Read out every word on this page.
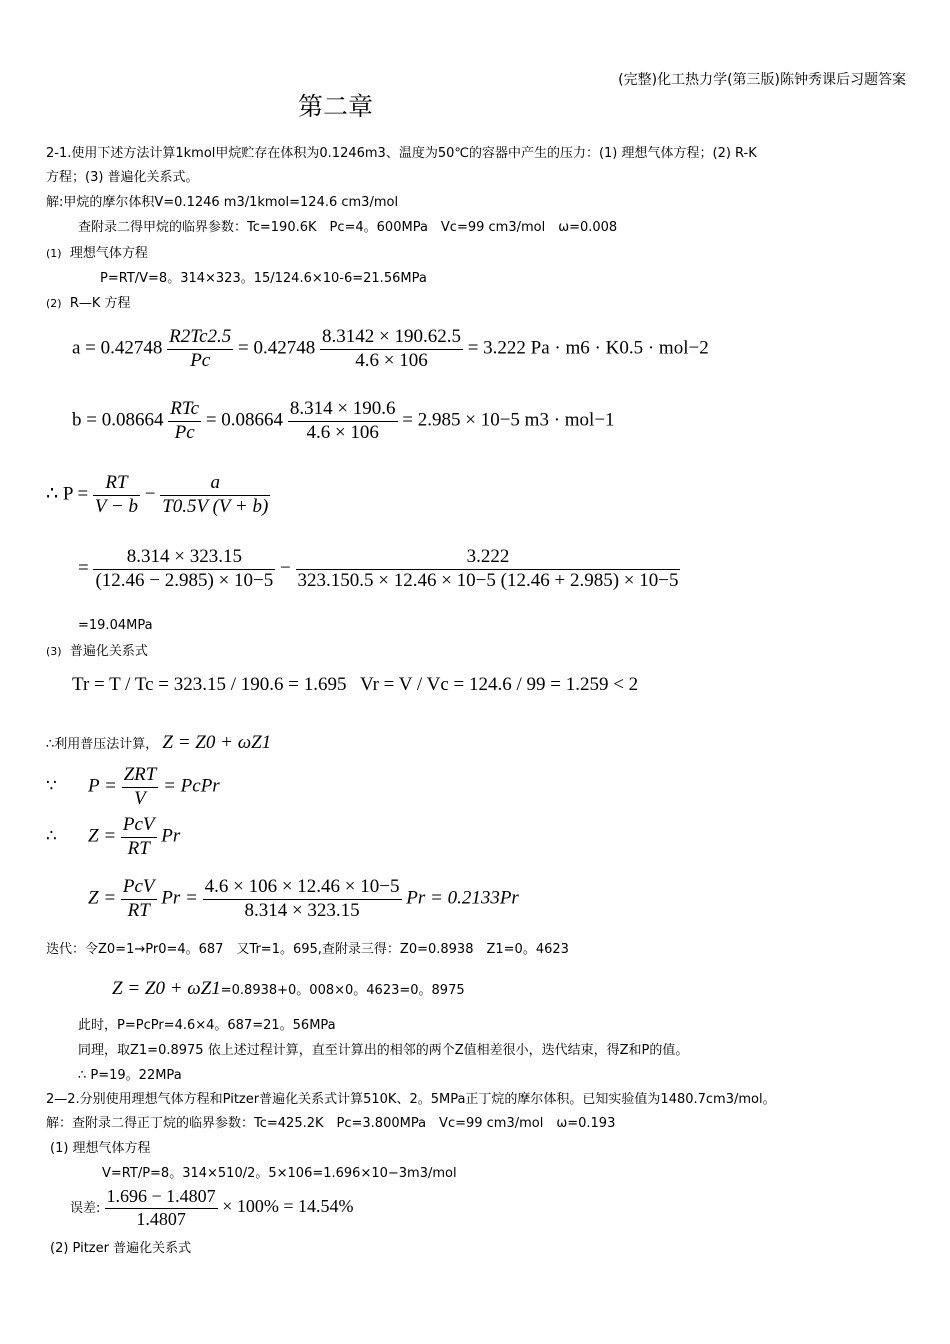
(完整)化工热力学(第三版)陈钟秀课后习题答案
第二章
2-1.使用下述方法计算1kmol甲烷贮存在体积为0.1246m3、温度为50℃的容器中产生的压力：(1) 理想气体方程；(2) R-K
方程；(3) 普遍化关系式。
解:甲烷的摩尔体积V=0.1246 m3/1kmol=124.6 cm3/mol
查附录二得甲烷的临界参数：Tc=190.6K　Pc=4。600MPa　Vc=99 cm3/mol　ω=0.008
(1) 理想气体方程
P=RT/V=8。314×323。15/124.6×10-6=21.56MPa
(2) R—K 方程
$a = 0.42748 \frac{R2Tc2.5}{Pc} = 0.42748 \frac{8.3142 \times 190.62.5}{4.6 \times 106} = 3.222$ Pa · m6 · K0.5 · mol−2
$b = 0.08664 \frac{\text{RTc}}{Pc} = 0.08664 \frac{8.314 \times 190.6}{4.6 \times 106} = 2.985 \times 10-5$ m3 · mol−1
∴ $P = \frac{RT}{V - b} - \frac{a}{T0.5V (V + b)}$
= $\frac{8.314 \times 323.15}{(12.46 - 2.985) \times 10-5} - \frac{3.222}{323.150.5 \times 12.46 \times 10-5 (12.46 + 2.985) \times 10-5}$
=19.04MPa
(3) 普遍化关系式
Tr = T / Tc = 323.15 / 190.6 = 1.695 Vr = V / Vc = 124.6 / 99 = 1.259 < 2
∴利用普压法计算， Z = Z0 + ωZ1
∵ $P = \frac{\text{ZRT}}{V}$ = PcPr
∴ $Z = \frac{\text{PcV}}{RT}$ Pr
$Z = \frac{\text{PcV}}{RT}$ $Pr = \frac{4.6 \times 106 \times 12.46 \times 10-5}{8.314 \times 323.15}$ Pr = 0.2133Pr
迭代：令Z0=1→Pr0=4。687　又Tr=1。695,查附录三得：Z0=0.8938　Z1=0。4623
Z = Z0 + ωZ1=0.8938+0。008×0。4623=0。8975
此时，P=PcPr=4.6×4。687=21。56MPa
同理，取Z1=0.8975 依上述过程计算，直至计算出的相邻的两个Z值相差很小，迭代结束，得Z和P的值。
∴ P=19。22MPa
2—2.分别使用理想气体方程和Pitzer普遍化关系式计算510K、2。5MPa正丁烷的摩尔体积。已知实验值为1480.7cm3/mol。
解：查附录二得正丁烷的临界参数：Tc=425.2K　Pc=3.800MPa　Vc=99 cm3/mol　ω=0.193
(1) 理想气体方程
V=RT/P=8。314×510/2。5×106=1.696×10−3m3/mol
误差: $\frac{1.696 - 1.4807}{1.4807} \times 100\% = 14.54\%$
(2) Pitzer 普遍化关系式
